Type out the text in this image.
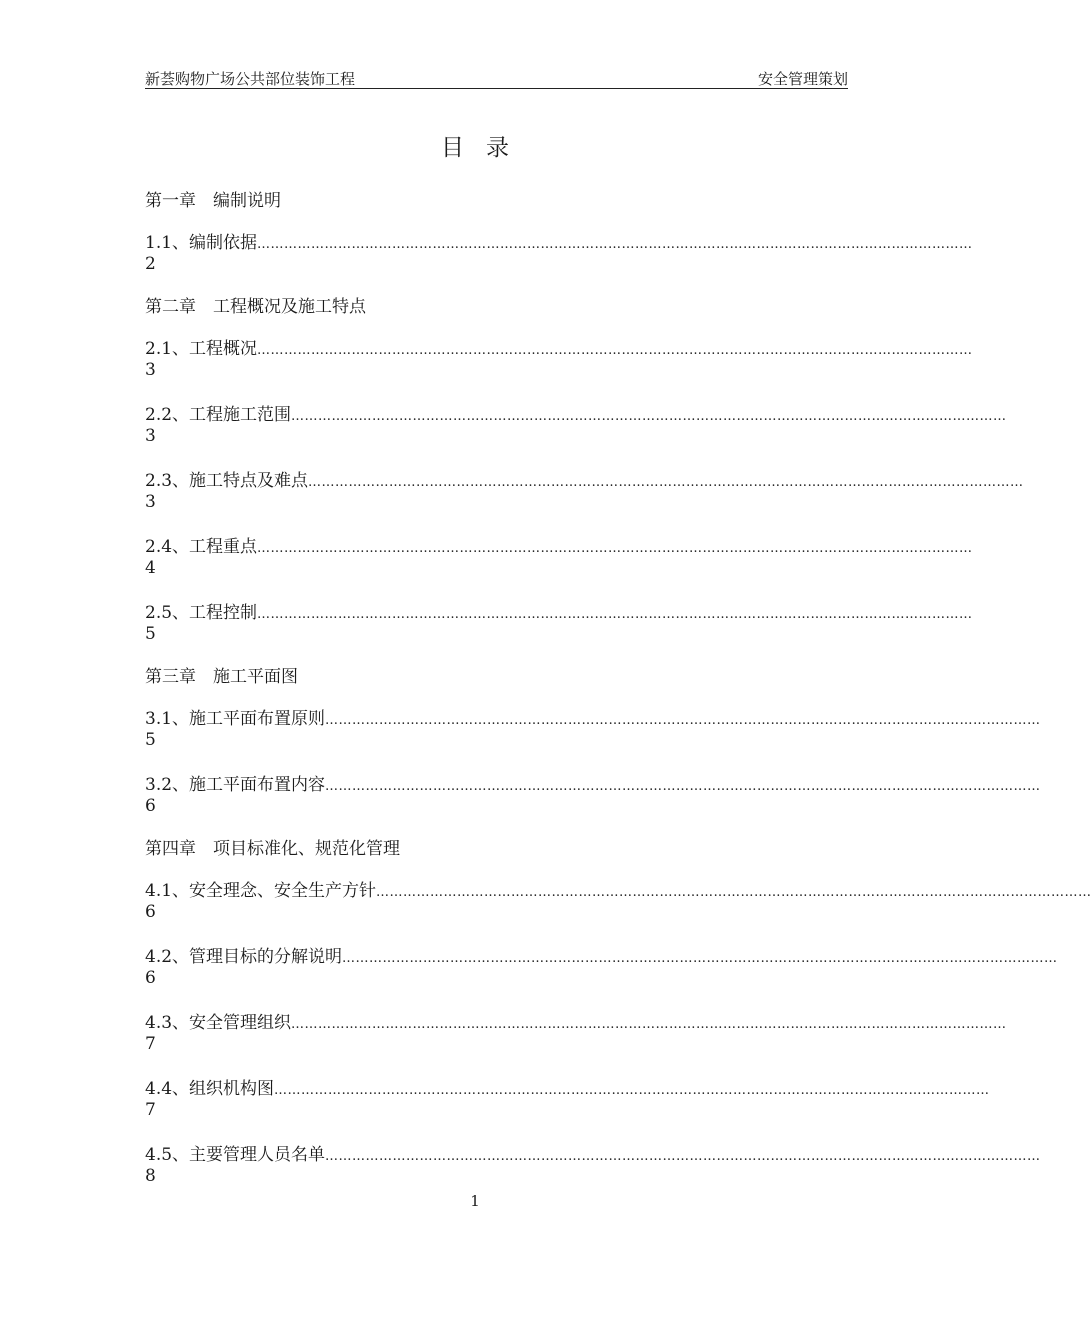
新荟购物广场公共部位装饰工程	安全管理策划
目录
第一章　编制说明
1.1、编制依据 ……………………………………………………………………………………………………………………………………………
2
第二章　工程概况及施工特点
2.1、工程概况 ……………………………………………………………………………………………………………………………………………
3
2.2、工程施工范围 ……………………………………………………………………………………………………………………………………………
3
2.3、施工特点及难点 ……………………………………………………………………………………………………………………………………………
3
2.4、工程重点 ……………………………………………………………………………………………………………………………………………
4
2.5、工程控制 ……………………………………………………………………………………………………………………………………………
5
第三章　施工平面图
3.1、施工平面布置原则 ……………………………………………………………………………………………………………………………………………
5
3.2、施工平面布置内容 ……………………………………………………………………………………………………………………………………………
6
第四章　项目标准化、规范化管理
4.1、安全理念、安全生产方针 ……………………………………………………………………………………………………………………………………………
6
4.2、管理目标的分解说明 ……………………………………………………………………………………………………………………………………………
6
4.3、安全管理组织 ……………………………………………………………………………………………………………………………………………
7
4.4、组织机构图 ……………………………………………………………………………………………………………………………………………
7
4.5、主要管理人员名单 ……………………………………………………………………………………………………………………………………………
8
1
